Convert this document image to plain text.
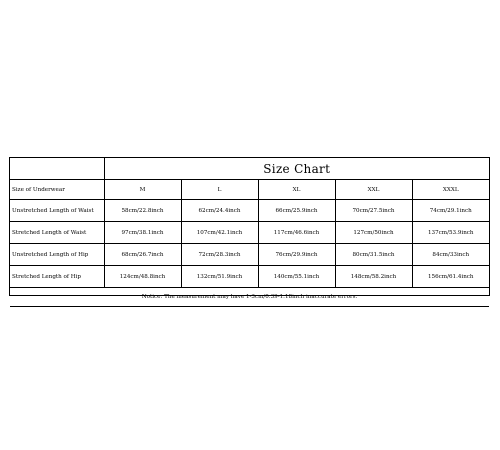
	Size Chart				
Size of Underwear	M	L	XL	XXL	XXXL
Unstretched Length of Waist	58cm/22.8inch	62cm/24.4inch	66cm/25.9inch	70cm/27.5inch	74cm/29.1inch
Stretched Length of Waist	97cm/38.1inch	107cm/42.1inch	117cm/46.6inch	127cm/50inch	137cm/53.9inch
Unstretched Length of Hip	68cm/26.7inch	72cm/28.3inch	76cm/29.9inch	80cm/31.5inch	84cm/33inch
Stretched Length of Hip	124cm/48.8inch	132cm/51.9inch	140cm/55.1inch	148cm/58.2inch	156cm/61.4inch
Notice: The measurement may have 1-3cm/0.39-1.18inch inaccurate errors.					
